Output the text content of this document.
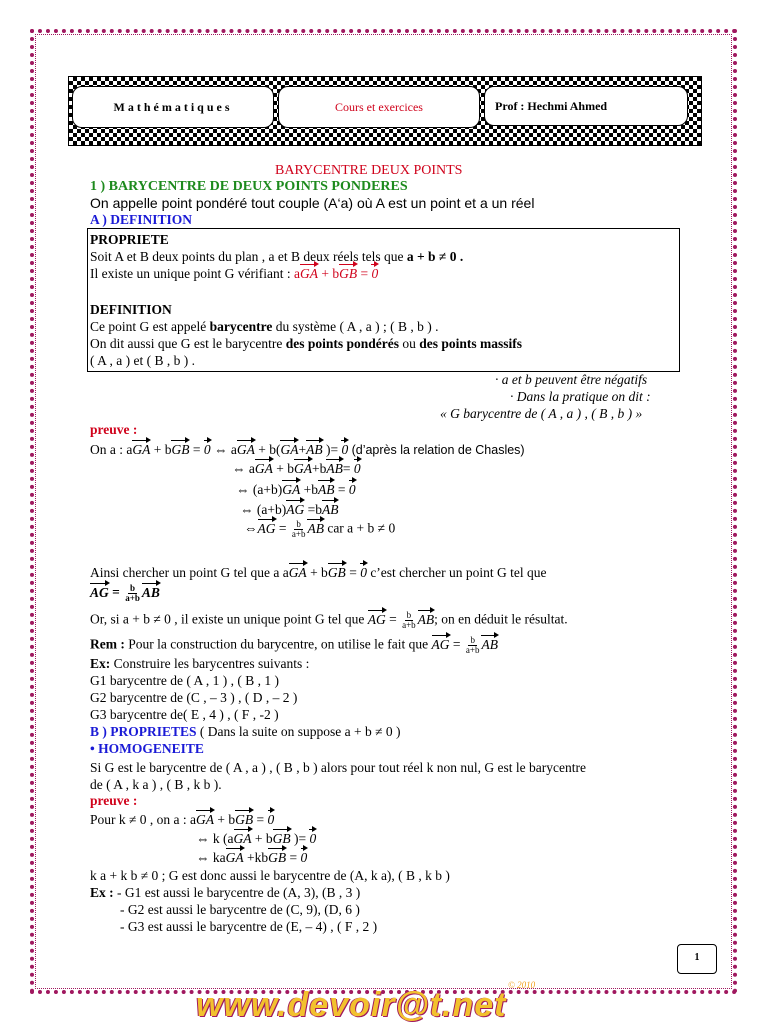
Mathématiques	Cours et exercices	Prof : Hechmi Ahmed
BARYCENTRE DEUX POINTS
1 ) BARYCENTRE DE DEUX POINTS PONDERES
On appelle point pondéré tout couple (A‘a) où A est un point et a un réel
A ) DEFINITION
PROPRIETE
Soit A et B deux points du plan , a et B deux réels tels que a + b ≠ 0 .
Il existe un unique point G vérifiant : aGA + bGB = 0
DEFINITION
Ce point G est appelé barycentre du système ( A , a ) ; ( B , b ) .
On dit aussi que G est le barycentre des points pondérés ou des points massifs
( A , a ) et ( B , b ) .
· a et b peuvent être négatifs
· Dans la pratique on dit :
« G barycentre de ( A , a ) , ( B , b ) »
preuve :
On a : aGA + bGB = 0 ⇔ aGA + b(GA+AB )= 0 (d’après la relation de Chasles)
⇔ aGA + bGA+bAB= 0
⇔ (a+b)GA +bAB = 0
⇔ (a+b)AG =bAB
⇔AG = $\frac{b}{a+b}$ AB car a + b ≠ 0
Ainsi chercher un point G tel que a aGA + bGB = 0 c’est chercher un point G tel que
AG = $\frac{b}{a+b}$ AB
Or, si a + b ≠ 0 , il existe un unique point G tel que AG = $\frac{b}{a+b}$ AB; on en déduit le résultat.
Rem : Pour la construction du barycentre, on utilise le fait que AG = $\frac{b}{a+b}$ AB
Ex: Construire les barycentres suivants :
G1 barycentre de ( A , 1 ) , ( B , 1 )
G2 barycentre de (C , – 3 ) , ( D , – 2 )
G3 barycentre de( E , 4 ) , ( F , -2 )
B ) PROPRIETES ( Dans la suite on suppose a + b ≠ 0 )
• HOMOGENEITE
Si G est le barycentre de ( A , a ) , ( B , b ) alors pour tout réel k non nul, G est le barycentre
de ( A , k a ) , ( B , k b ).
preuve :
Pour k ≠ 0 , on a : aGA + bGB = 0
⇔ k (aGA + bGB )= 0
⇔ kaGA +kbGB = 0
k a + k b ≠ 0 ; G est donc aussi le barycentre de (A, k a), ( B , k b )
Ex : - G1 est aussi le barycentre de (A, 3), (B , 3 )
- G2 est aussi le barycentre de (C, 9), (D, 6 )
- G3 est aussi le barycentre de (E, – 4) , ( F , 2 )
1
© 2010
www.devoir@t.net
